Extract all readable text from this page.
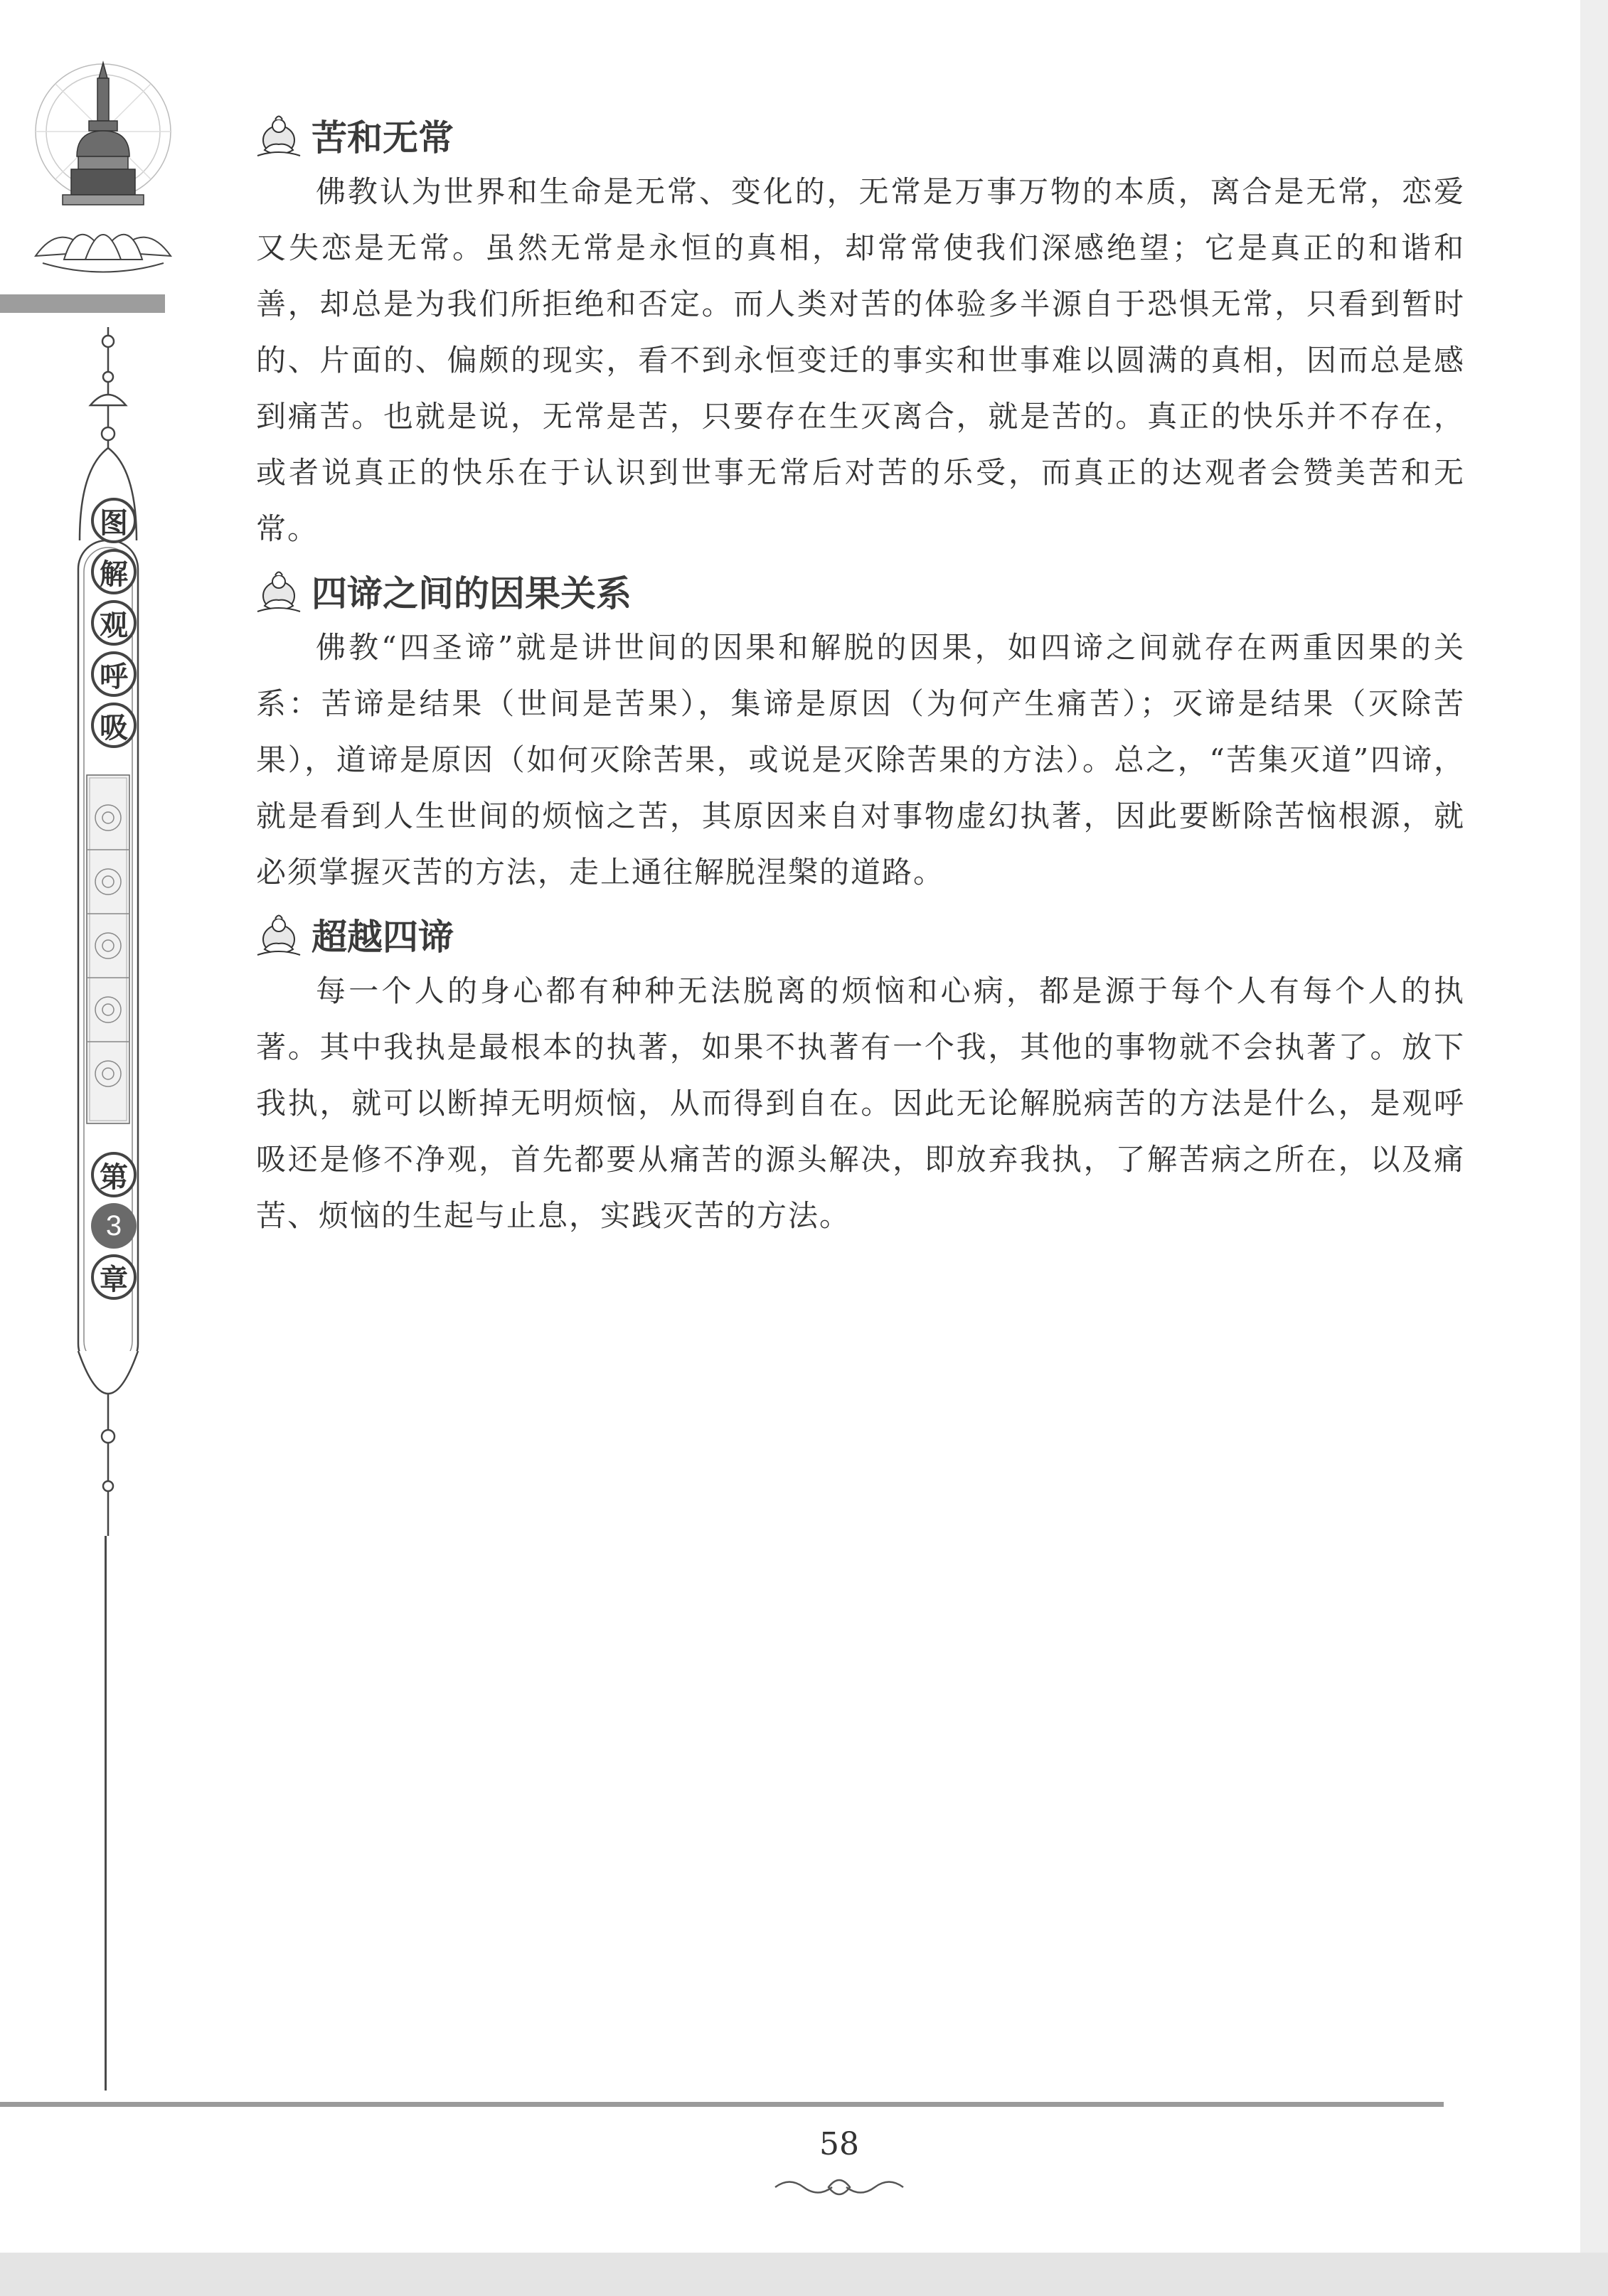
图
解
观
呼
吸
第
3
章
苦和无常

佛教认为世界和生命是无常、变化的，无常是万事万物的本质，离合是无常，恋爱又失恋是无常。虽然无常是永恒的真相，却常常使我们深感绝望；它是真正的和谐和善，却总是为我们所拒绝和否定。而人类对苦的体验多半源自于恐惧无常，只看到暂时的、片面的、偏颇的现实，看不到永恒变迁的事实和世事难以圆满的真相，因而总是感到痛苦。也就是说，无常是苦，只要存在生灭离合，就是苦的。真正的快乐并不存在，或者说真正的快乐在于认识到世事无常后对苦的乐受，而真正的达观者会赞美苦和无常。

四谛之间的因果关系

佛教“四圣谛”就是讲世间的因果和解脱的因果，如四谛之间就存在两重因果的关系：苦谛是结果（世间是苦果），集谛是原因（为何产生痛苦）；灭谛是结果（灭除苦果），道谛是原因（如何灭除苦果，或说是灭除苦果的方法）。总之，“苦集灭道”四谛，就是看到人生世间的烦恼之苦，其原因来自对事物虚幻执著，因此要断除苦恼根源，就必须掌握灭苦的方法，走上通往解脱涅槃的道路。

超越四谛

每一个人的身心都有种种无法脱离的烦恼和心病，都是源于每个人有每个人的执著。其中我执是最根本的执著，如果不执著有一个我，其他的事物就不会执著了。放下我执，就可以断掉无明烦恼，从而得到自在。因此无论解脱病苦的方法是什么，是观呼吸还是修不净观，首先都要从痛苦的源头解决，即放弃我执，了解苦病之所在，以及痛苦、烦恼的生起与止息，实践灭苦的方法。

58
